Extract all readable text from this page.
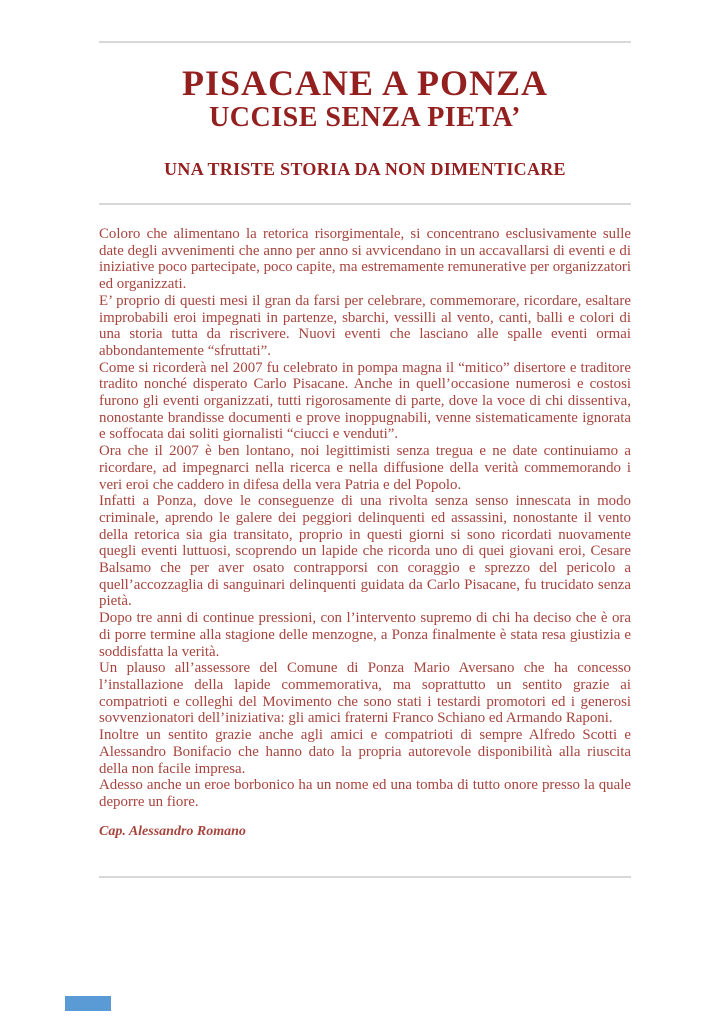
PISACANE A PONZA
UCCISE SENZA PIETA’
UNA TRISTE STORIA DA NON DIMENTICARE

Coloro che alimentano la retorica risorgimentale, si concentrano esclusivamente sulle date degli avvenimenti che anno per anno si avvicendano in un accavallarsi di eventi e di iniziative poco partecipate, poco capite, ma estremamente remunerative per organizzatori ed organizzati.

E’ proprio di questi mesi il gran da farsi per celebrare, commemorare, ricordare, esaltare improbabili eroi impegnati in partenze, sbarchi, vessilli al vento, canti, balli e colori di una storia tutta da riscrivere. Nuovi eventi che lasciano alle spalle eventi ormai abbondantemente “sfruttati”.

Come si ricorderà nel 2007 fu celebrato in pompa magna il “mitico” disertore e traditore tradito nonché disperato Carlo Pisacane. Anche in quell’occasione numerosi e costosi furono gli eventi organizzati, tutti rigorosamente di parte, dove la voce di chi dissentiva, nonostante brandisse documenti e prove inoppugnabili, venne sistematicamente ignorata e soffocata dai soliti giornalisti “ciucci e venduti”.

Ora che il 2007 è ben lontano, noi legittimisti senza tregua e ne date continuiamo a ricordare, ad impegnarci nella ricerca e nella diffusione della verità commemorando i veri eroi che caddero in difesa della vera Patria e del Popolo.

Infatti a Ponza, dove le conseguenze di una rivolta senza senso innescata in modo criminale, aprendo le galere dei peggiori delinquenti ed assassini, nonostante il vento della retorica sia gia transitato, proprio in questi giorni si sono ricordati nuovamente quegli eventi luttuosi, scoprendo un lapide che ricorda uno di quei giovani eroi, Cesare Balsamo che per aver osato contrapporsi con coraggio e sprezzo del pericolo a quell’accozzaglia di sanguinari delinquenti guidata da Carlo Pisacane, fu trucidato senza pietà.

Dopo tre anni di continue pressioni, con l’intervento supremo di chi ha deciso che è ora di porre termine alla stagione delle menzogne, a Ponza finalmente è stata resa giustizia e soddisfatta la verità.

Un plauso all’assessore del Comune di Ponza Mario Aversano che ha concesso l’installazione della lapide commemorativa, ma soprattutto un sentito grazie ai compatrioti e colleghi del Movimento che sono stati i testardi promotori ed i generosi sovvenzionatori dell’iniziativa: gli amici fraterni Franco Schiano ed Armando Raponi.

Inoltre un sentito grazie anche agli amici e compatrioti di sempre Alfredo Scotti e Alessandro Bonifacio che hanno dato la propria autorevole disponibilità alla riuscita della non facile impresa.

Adesso anche un eroe borbonico ha un nome ed una tomba di tutto onore presso la quale deporre un fiore.

Cap. Alessandro Romano
